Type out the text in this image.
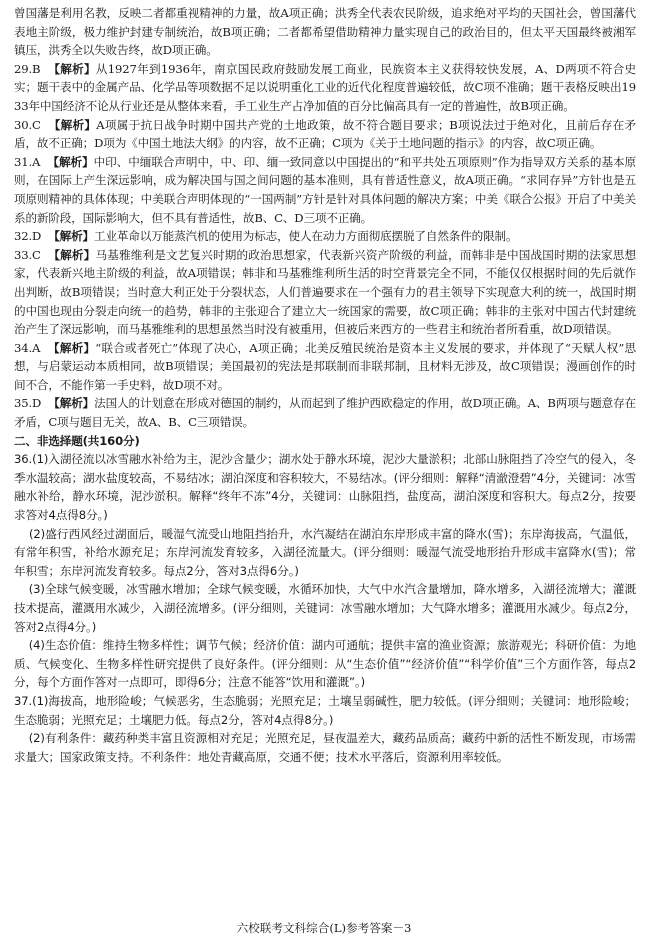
曾国藩是利用名教，反映二者都重视精神的力量，故A项正确；洪秀全代表农民阶级，追求绝对平均的天国社会，曾国藩代表地主阶级，极力维护封建专制统治，故B项正确；二者都希望借助精神力量实现自己的政治目的，但太平天国最终被湘军镇压，洪秀全以失败告终，故D项正确。

29.B 【解析】从1927年到1936年，南京国民政府鼓励发展工商业，民族资本主义获得较快发展，A、D两项不符合史实；题干表中的金属产品、化学品等项数据不足以说明重化工业的近代化程度普遍较低，故C项不准确；题干表格反映出1933年中国经济不论从行业还是从整体来看，手工业生产占净加值的百分比偏高具有一定的普遍性，故B项正确。

30.C 【解析】A项属于抗日战争时期中国共产党的土地政策，故不符合题目要求；B项说法过于绝对化，且前后存在矛盾，故不正确；D项为《中国土地法大纲》的内容，故不正确；C项为《关于土地问题的指示》的内容，故C项正确。

31.A 【解析】中印、中缅联合声明中，中、印、缅一致同意以中国提出的“和平共处五项原则”作为指导双方关系的基本原则，在国际上产生深远影响，成为解决国与国之间问题的基本准则，具有普适性意义，故A项正确。“求同存异”方针也是五项原则精神的具体体现；中美联合声明体现的“一国两制”方针是针对具体问题的解决方案；中美《联合公报》开启了中美关系的新阶段，国际影响大，但不具有普适性，故B、C、D三项不正确。

32.D 【解析】工业革命以万能蒸汽机的使用为标志，使人在动力方面彻底摆脱了自然条件的限制。

33.C 【解析】马基雅维利是文艺复兴时期的政治思想家，代表新兴资产阶级的利益，而韩非是中国战国时期的法家思想家，代表新兴地主阶级的利益，故A项错误；韩非和马基雅维利所生活的时空背景完全不同，不能仅仅根据时间的先后就作出判断，故B项错误；当时意大利正处于分裂状态，人们普遍要求在一个强有力的君主领导下实现意大利的统一，战国时期的中国也现由分裂走向统一的趋势，韩非的主张迎合了建立大一统国家的需要，故C项正确；韩非的主张对中国古代封建统治产生了深远影响，而马基雅维利的思想虽然当时没有被重用，但被后来西方的一些君主和统治者所看重，故D项错误。

34.A 【解析】“联合或者死亡”体现了决心，A项正确；北美反殖民统治是资本主义发展的要求，并体现了“天赋人权”思想，与启蒙运动本质相同，故B项错误；美国最初的宪法是邦联制而非联邦制，且材料无涉及，故C项错误；漫画创作的时间不合，不能作第一手史料，故D项不对。

35.D 【解析】法国人的计划意在形成对德国的制约，从而起到了维护西欧稳定的作用，故D项正确。A、B两项与题意存在矛盾，C项与题目无关，故A、B、C三项错误。

二、非选择题(共160分)

36.(1)入湖径流以冰雪融水补给为主，泥沙含量少；湖水处于静水环境，泥沙大量淤积；北部山脉阻挡了冷空气的侵入，冬季水温较高；湖水盐度较高，不易结冰；湖泊深度和容积较大，不易结冰。(评分细则：解释“清澈澄碧”4分，关键词：冰雪融水补给，静水环境，泥沙淤积。解释“终年不冻”4分，关键词：山脉阻挡，盐度高，湖泊深度和容积大。每点2分，按要求答对4点得8分。)

(2)盛行西风经过湖面后，暖湿气流受山地阻挡抬升，水汽凝结在湖泊东岸形成丰富的降水(雪)；东岸海拔高，气温低，有常年积雪，补给水源充足；东岸河流发育较多，入湖径流量大。(评分细则：暖湿气流受地形抬升形成丰富降水(雪)；常年积雪；东岸河流发育较多。每点2分，答对3点得6分。)

(3)全球气候变暖，冰雪融水增加；全球气候变暖，水循环加快，大气中水汽含量增加，降水增多，入湖径流增大；灌溉技术提高，灌溉用水减少，入湖径流增多。(评分细则，关键词：冰雪融水增加；大气降水增多；灌溉用水减少。每点2分，答对2点得4分。)

(4)生态价值：维持生物多样性；调节气候；经济价值：湖内可通航；提供丰富的渔业资源；旅游观光；科研价值：为地质、气候变化、生物多样性研究提供了良好条件。(评分细则：从“生态价值”“经济价值”“科学价值”三个方面作答，每点2分，每个方面作答对一点即可，即得6分；注意不能答“饮用和灌溉”。)

37.(1)海拔高，地形险峻；气候恶劣，生态脆弱；光照充足；土壤呈弱碱性，肥力较低。(评分细则；关键词：地形险峻；生态脆弱；光照充足；土壤肥力低。每点2分，答对4点得8分。)

(2)有利条件：藏药种类丰富且资源相对充足；光照充足，昼夜温差大，藏药品质高；藏药中新的活性不断发现，市场需求量大；国家政策支持。不利条件：地处青藏高原，交通不便；技术水平落后，资源利用率较低。

六校联考文科综合(L)参考答案－3
